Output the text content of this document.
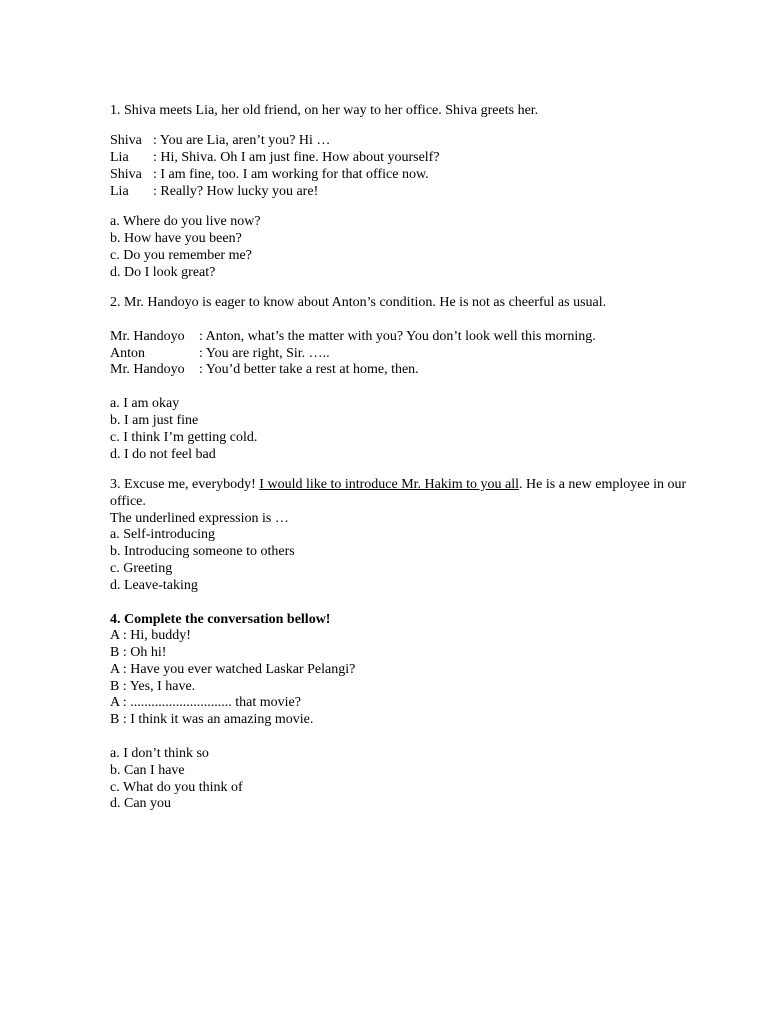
1. Shiva meets Lia, her old friend, on her way to her office. Shiva greets her.

Shiva : You are Lia, aren’t you? Hi …
Lia	: Hi, Shiva. Oh I am just fine. How about yourself?
Shiva : I am fine, too. I am working for that office now.
Lia	: Really? How lucky you are!

a. Where do you live now?

b. How have you been?

c. Do you remember me?

d. Do I look great?

2. Mr. Handoyo is eager to know about Anton’s condition. He is not as cheerful as usual.

Mr. Handoyo	: Anton, what’s the matter with you? You don’t look well this morning.
Anton	: You are right, Sir. …..
Mr. Handoyo	: You’d better take a rest at home, then.

a. I am okay

b. I am just fine

c. I think I’m getting cold.

d. I do not feel bad

3. Excuse me, everybody! I would like to introduce Mr. Hakim to you all. He is a new employee in our office.

The underlined expression is …

a. Self-introducing

b. Introducing someone to others

c. Greeting

d. Leave-taking

4. Complete the conversation bellow!

A : Hi, buddy!

B : Oh hi!

A : Have you ever watched Laskar Pelangi?

B : Yes, I have.

A : ............................. that movie?

B : I think it was an amazing movie.

a. I don’t think so

b. Can I have

c. What do you think of

d. Can you
